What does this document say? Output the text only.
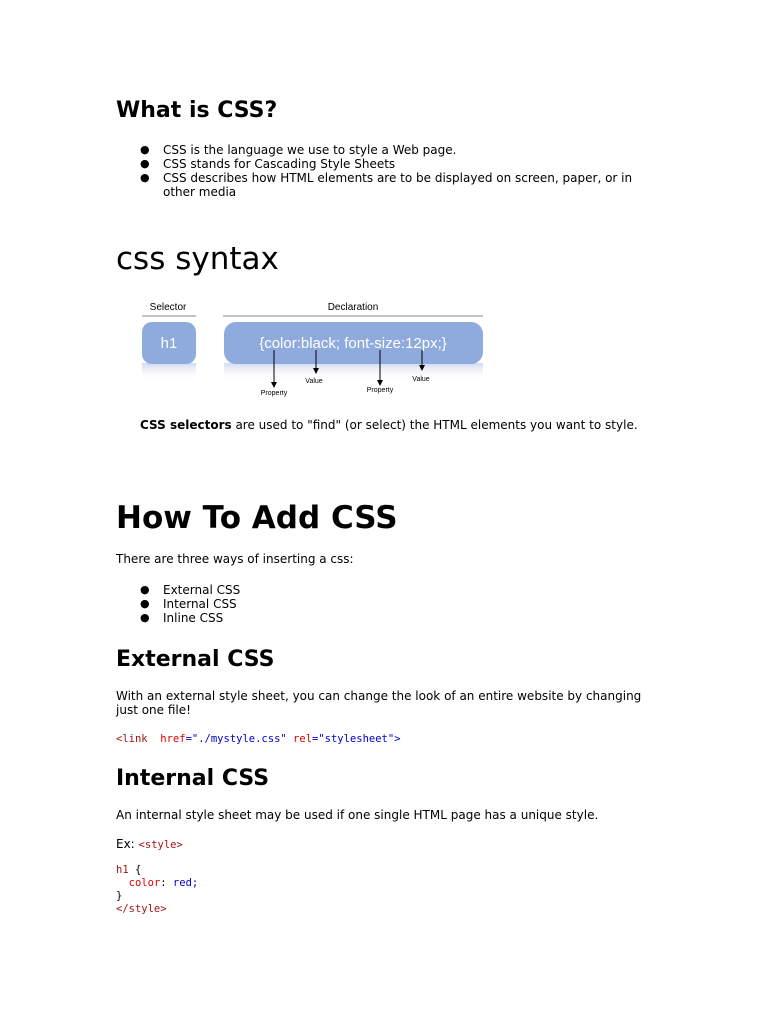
What is CSS?
● CSS is the language we use to style a Web page.
● CSS stands for Cascading Style Sheets
● CSS describes how HTML elements are to be displayed on screen, paper, or in
other media
css syntax
Selector	Declaration
h1	{color:black; font-size:12px;}
Property
Value
Property
Value

CSS selectors are used to "find" (or select) the HTML elements you want to style.

How To Add CSS

There are three ways of inserting a css:

● External CSS
● Internal CSS
● Inline CSS
External CSS

With an external style sheet, you can change the look of an entire website by changing
just one file!

<link href="./mystyle.css" rel="stylesheet">
Internal CSS

An internal style sheet may be used if one single HTML page has a unique style.

Ex: <style>
h1 {
color: red;
}
</style>
